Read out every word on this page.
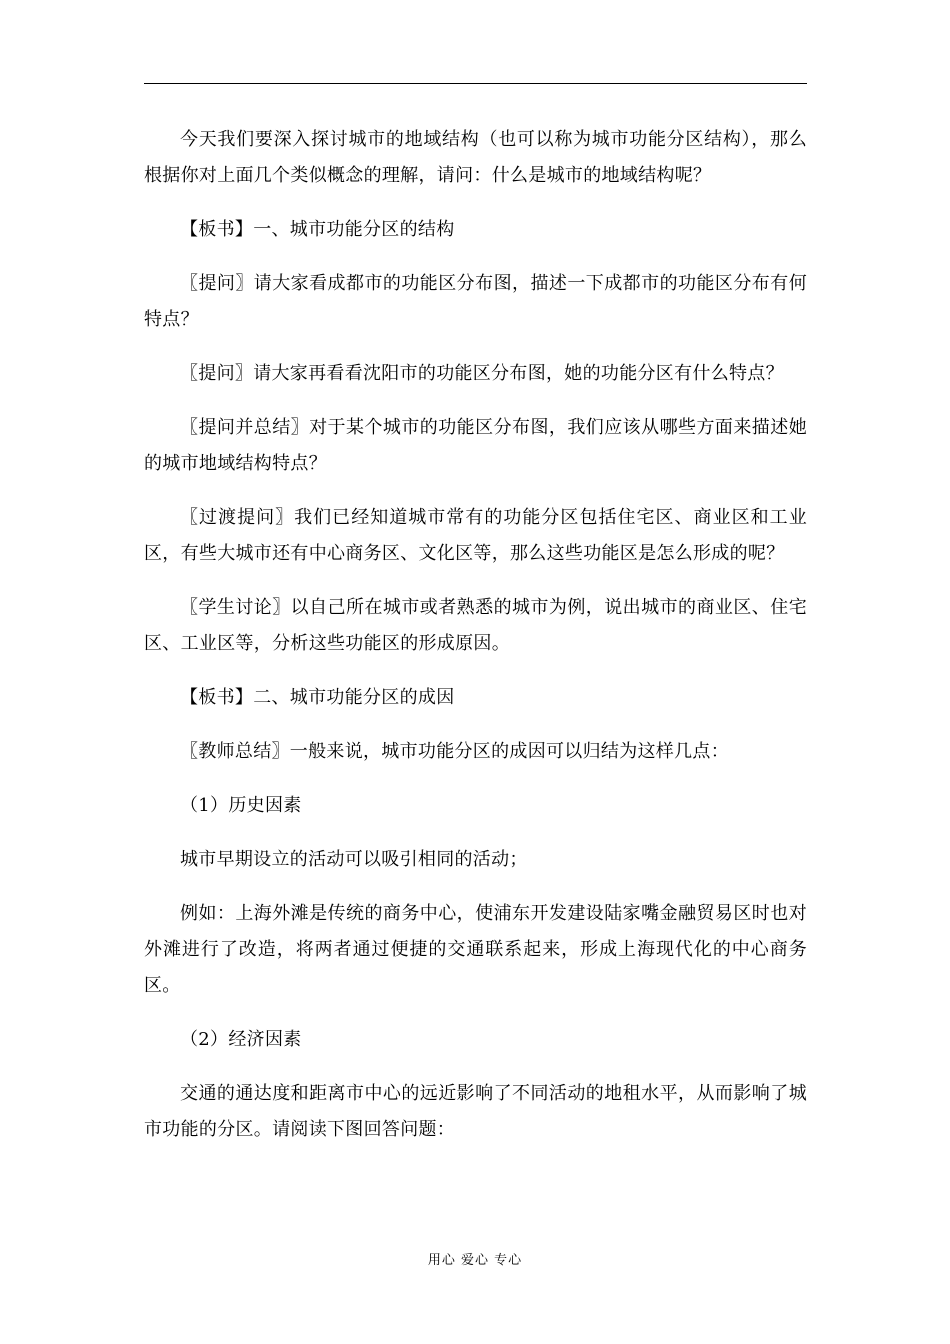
今天我们要深入探讨城市的地域结构（也可以称为城市功能分区结构），那么根据你对上面几个类似概念的理解，请问：什么是城市的地域结构呢？

【板书】一、城市功能分区的结构

〖提问〗请大家看成都市的功能区分布图，描述一下成都市的功能区分布有何特点？

〖提问〗请大家再看看沈阳市的功能区分布图，她的功能分区有什么特点？

〖提问并总结〗对于某个城市的功能区分布图，我们应该从哪些方面来描述她的城市地域结构特点？

〖过渡提问〗我们已经知道城市常有的功能分区包括住宅区、商业区和工业区，有些大城市还有中心商务区、文化区等，那么这些功能区是怎么形成的呢？

〖学生讨论〗以自己所在城市或者熟悉的城市为例，说出城市的商业区、住宅区、工业区等，分析这些功能区的形成原因。

【板书】二、城市功能分区的成因

〖教师总结〗一般来说，城市功能分区的成因可以归结为这样几点：

（1）历史因素

城市早期设立的活动可以吸引相同的活动；

例如：上海外滩是传统的商务中心，使浦东开发建设陆家嘴金融贸易区时也对外滩进行了改造，将两者通过便捷的交通联系起来，形成上海现代化的中心商务区。

（2）经济因素

交通的通达度和距离市中心的远近影响了不同活动的地租水平，从而影响了城市功能的分区。请阅读下图回答问题：

用心 爱心 专心
